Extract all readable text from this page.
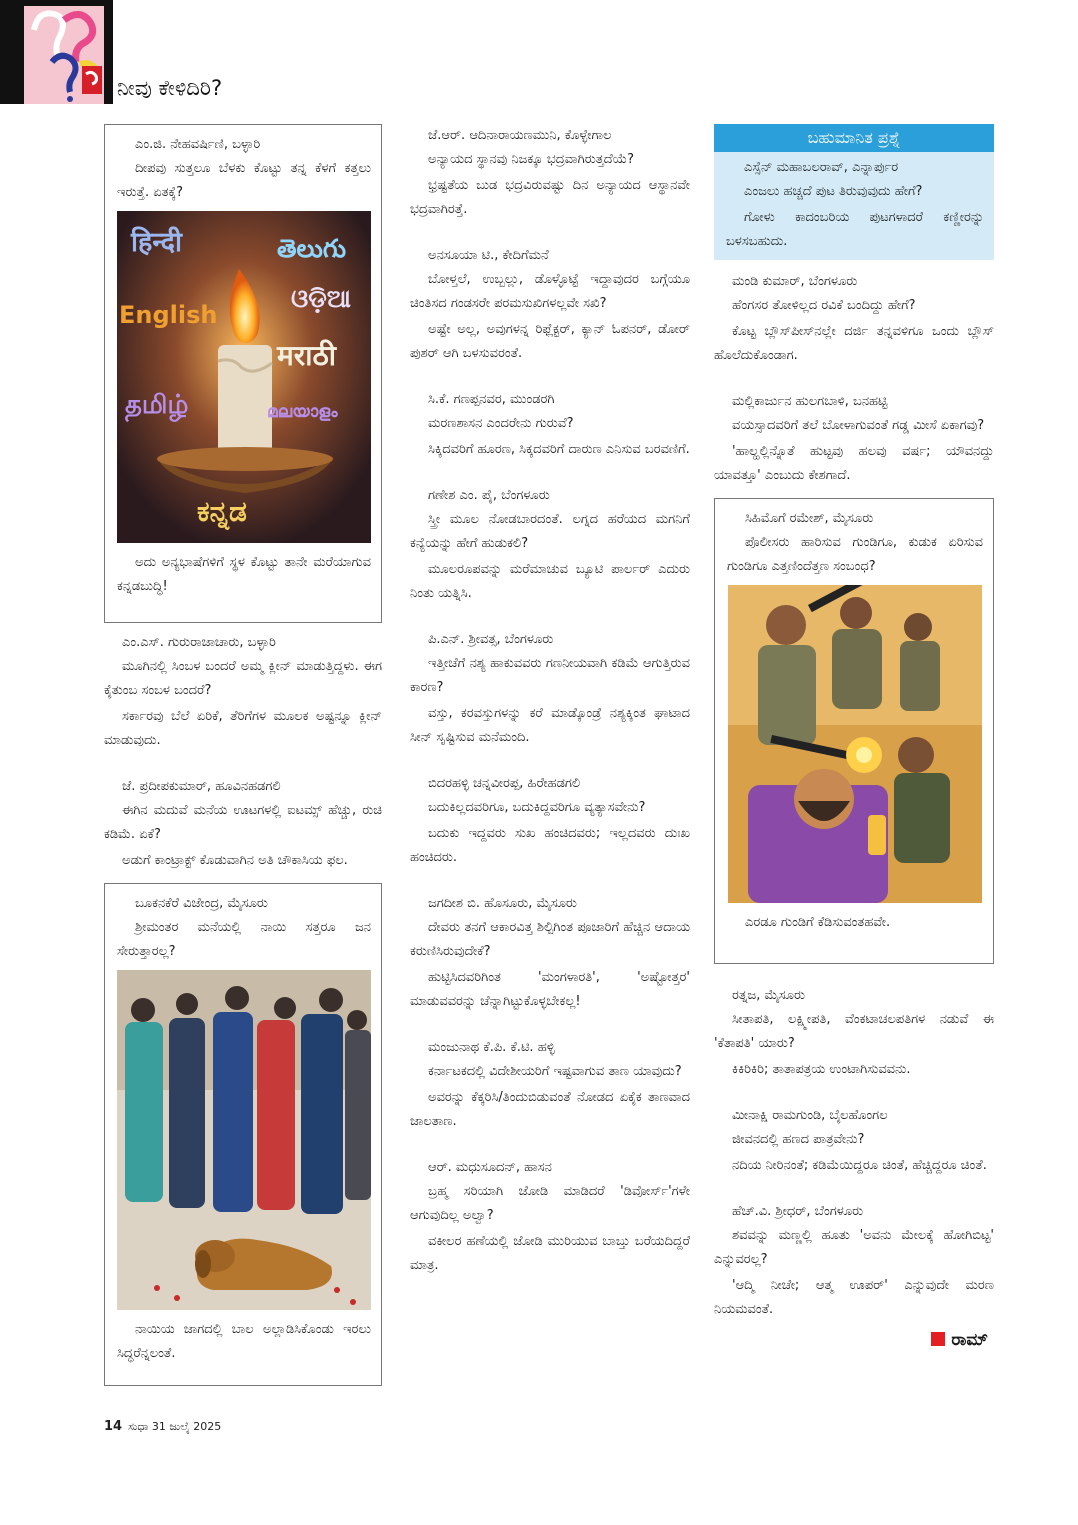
ನೀವು ಕೇಳಿದಿರಿ?
ಎಂ.ಜಿ. ನೇಹವರ್ಷಿಣಿ, ಬಳ್ಳಾರಿ
ದೀಪವು ಸುತ್ತಲೂ ಬೆಳಕು ಕೊಟ್ಟು ತನ್ನ ಕೆಳಗೆ ಕತ್ತಲು ಇರುತ್ತೆ. ಏತಕ್ಕೆ?
हिन्दी	తెలుగు
English
ଓଡ଼ିଆ
मराठी
தமிழ்	മലയാളം
ಕನ್ನಡ
ಅದು ಅನ್ಯಭಾಷೆಗಳಿಗೆ ಸ್ಥಳ ಕೊಟ್ಟು ತಾನೇ ಮರೆಯಾಗುವ ಕನ್ನಡಬುದ್ಧಿ!
ಎಂ.ಎಸ್. ಗುರುರಾಜಾಚಾರು, ಬಳ್ಳಾರಿ
ಮೂಗಿನಲ್ಲಿ ಸಿಂಬಳ ಬಂದರೆ ಅಮ್ಮ ಕ್ಲೀನ್ ಮಾಡುತ್ತಿದ್ದಳು. ಈಗ ಕೈತುಂಬ ಸಂಬಳ ಬಂದರೆ?
ಸರ್ಕಾರವು ಬೆಲೆ ಏರಿಕೆ, ತೆರಿಗೆಗಳ ಮೂಲಕ ಅಷ್ಟನ್ನೂ ಕ್ಲೀನ್ ಮಾಡುವುದು.
ಜೆ. ಪ್ರದೀಪಕುಮಾರ್, ಹೂವಿನಹಡಗಲಿ
ಈಗಿನ ಮದುವೆ ಮನೆಯ ಊಟಗಳಲ್ಲಿ ಐಟಮ್ಸ್ ಹೆಚ್ಚು, ರುಚಿ ಕಡಿಮೆ. ಏಕೆ?
ಅಡುಗೆ ಕಾಂಟ್ರಾಕ್ಟ್ ಕೊಡುವಾಗಿನ ಅತಿ ಚೌಕಾಸಿಯ ಫಲ.
ಬೂಕನಕೆರೆ ವಿಜೇಂದ್ರ, ಮೈಸೂರು
ಶ್ರೀಮಂತರ ಮನೆಯಲ್ಲಿ ನಾಯಿ ಸತ್ತರೂ ಜನ ಸೇರುತ್ತಾರಲ್ಲ?
ನಾಯಿಯ ಜಾಗದಲ್ಲಿ ಬಾಲ ಅಲ್ಲಾಡಿಸಿಕೊಂಡು ಇರಲು ಸಿದ್ಧರೆನ್ನಲಂತೆ.
ಜೆ.ಆರ್. ಆದಿನಾರಾಯಣಮುನಿ, ಕೊಳ್ಳೇಗಾಲ
ಅನ್ಯಾಯದ ಸ್ಥಾನವು ನಿಜಕ್ಕೂ ಭದ್ರವಾಗಿರುತ್ತದೆಯೆ?
ಭ್ರಷ್ಟತೆಯ ಬುಡ ಭದ್ರವಿರುವಷ್ಟು ದಿನ ಅನ್ಯಾಯದ ಆಸ್ಥಾನವೇ ಭದ್ರವಾಗಿರತ್ತೆ.
ಅನಸೂಯಾ ಟಿ., ಕೇದಿಗೆಮನೆ
ಬೋಳ್ತಲೆ, ಉಬ್ಬಲ್ಲು, ಡೊಳ್ಳೊಟ್ಟೆ ಇದ್ದಾವುದರ ಬಗ್ಗೆಯೂ ಚಿಂತಿಸದ ಗಂಡಸರೇ ಪರಮಸುಖಿಗಳಲ್ಲವೇ ಸಖಿ?
ಅಷ್ಟೇ ಅಲ್ಲ, ಅವುಗಳನ್ನ ರಿಫ್ಲೆಕ್ಟರ್, ಕ್ಯಾನ್ ಓಪನರ್, ಡೋರ್ ಪುಶರ್ ಆಗಿ ಬಳಸುವರಂತೆ.
ಸಿ.ಕೆ. ಗಣಪ್ಪನವರ, ಮುಂಡರಗಿ
ಮರಣಶಾಸನ ಎಂದರೇನು ಗುರುವೆ?
ಸಿಕ್ಕಿದವರಿಗೆ ಹೂರಣ, ಸಿಕ್ಕದವರಿಗೆ ದಾರುಣ ಎನಿಸುವ ಬರವಣಿಗೆ.
ಗಣೇಶ ಎಂ. ಪೈ, ಬೆಂಗಳೂರು
ಸ್ತ್ರೀ ಮೂಲ ನೋಡಬಾರದಂತೆ. ಲಗ್ನದ ಹರೆಯದ ಮಗನಿಗೆ ಕನ್ಯೆಯನ್ನು ಹೇಗೆ ಹುಡುಕಲಿ?
ಮೂಲರೂಪವನ್ನು ಮರೆಮಾಚುವ ಬ್ಯೂಟಿ ಪಾರ್ಲರ್ ಎದುರು ನಿಂತು ಯತ್ನಿಸಿ.
ಪಿ.ಎನ್. ಶ್ರೀವತ್ಸ, ಬೆಂಗಳೂರು
ಇತ್ತೀಚೆಗೆ ನಶ್ಯ ಹಾಕುವವರು ಗಣನೀಯವಾಗಿ ಕಡಿಮೆ ಆಗುತ್ತಿರುವ ಕಾರಣ?
ವಸ್ತು, ಕರವಸ್ತುಗಳನ್ನು ಕರೆ ಮಾಡ್ಕೊಂಡ್ರೆ ನಶ್ಯಕ್ಕಿಂತ ಘಾಟಾದ ಸೀನ್ ಸೃಷ್ಟಿಸುವ ಮನೆಮಂದಿ.
ಬಿದರಹಳ್ಳಿ ಚನ್ನವೀರಪ್ಪ, ಹಿರೇಹಡಗಲಿ
ಬದುಕಿಲ್ಲದವರಿಗೂ, ಬದುಕಿದ್ದವರಿಗೂ ವ್ಯತ್ಯಾಸವೇನು?
ಬದುಕು ಇದ್ದವರು ಸುಖ ಹಂಚಿದವರು; ಇಲ್ಲದವರು ದುಃಖ ಹಂಚಿದರು.
ಜಗದೀಶ ಬಿ. ಹೊಸೂರು, ಮೈಸೂರು
ದೇವರು ತನಗೆ ಆಕಾರವಿತ್ತ ಶಿಲ್ಪಿಗಿಂತ ಪೂಜಾರಿಗೆ ಹೆಚ್ಚಿನ ಆದಾಯ ಕರುಣಿಸಿರುವುದೇಕೆ?
ಹುಟ್ಟಿಸಿದವರಿಗಿಂತ 'ಮಂಗಳಾರತಿ', 'ಅಷ್ಟೋತ್ತರ' ಮಾಡುವವರನ್ನು ಚೆನ್ನಾಗಿಟ್ಟುಕೊಳ್ಳಬೇಕಲ್ಲ!
ಮಂಜುನಾಥ ಕೆ.ಪಿ. ಕೆ.ಟಿ. ಹಳ್ಳಿ
ಕರ್ನಾಟಕದಲ್ಲಿ ವಿದೇಶೀಯರಿಗೆ ಇಷ್ಟವಾಗುವ ತಾಣ ಯಾವುದು?
ಅವರನ್ನು ಕೆಕ್ಕರಿಸಿ/ತಿಂದುಬಿಡುವಂತೆ ನೋಡದ ಏಕೈಕ ತಾಣವಾದ ಜಾಲತಾಣ.
ಆರ್. ಮಧುಸೂದನ್, ಹಾಸನ
ಬ್ರಹ್ಮ ಸರಿಯಾಗಿ ಜೋಡಿ ಮಾಡಿದರೆ 'ಡಿವೋರ್ಸ್'ಗಳೇ ಆಗುವುದಿಲ್ಲ ಅಲ್ವಾ?
ವಕೀಲರ ಹಣೆಯಲ್ಲಿ ಜೋಡಿ ಮುರಿಯುವ ಬಾಬ್ತು ಬರೆಯದಿದ್ದರೆ ಮಾತ್ರ.
ಬಹುಮಾನಿತ ಪ್ರಶ್ನೆ
ಎಸ್ಸೆನ್ ಮಹಾಬಲರಾವ್, ಎನ್ನಾರ್ಪುರ
ಎಂಜಲು ಹಚ್ಚದೆ ಪುಟ ತಿರುವುವುದು ಹೇಗೆ?
ಗೋಳು ಕಾದಂಬರಿಯ ಪುಟಗಳಾದರೆ ಕಣ್ಣೀರನ್ನು ಬಳಸಬಹುದು.
ಮಂಡಿ ಕುಮಾರ್, ಬೆಂಗಳೂರು
ಹೆಂಗಸರ ತೋಳಿಲ್ಲದ ರವಿಕೆ ಬಂದಿದ್ದು ಹೇಗೆ?
ಕೊಟ್ಟ ಬ್ಲೌಸ್‌ಪೀಸ್‌ನಲ್ಲೇ ದರ್ಜಿ ತನ್ನವಳಿಗೂ ಒಂದು ಬ್ಲೌಸ್ ಹೊಲೆದುಕೊಂಡಾಗ.
ಮಲ್ಲಿಕಾರ್ಜುನ ಹುಲಗಬಾಳಿ, ಬನಹಟ್ಟಿ
ವಯಸ್ಸಾದವರಿಗೆ ತಲೆ ಬೋಳಾಗುವಂತೆ ಗಡ್ಡ ಮೀಸೆ ಏಕಾಗವು?
'ಹಾಲ್ಹಲ್ಲಿನ್ನೊತೆ ಹುಟ್ಟವು ಹಲವು ವರ್ಷ; ಯೌವನದ್ದು ಯಾವತ್ತೂ' ಎಂಬುದು ಕೇಶಗಾದೆ.
ಸಿಹಿಮೊಗೆ ರಮೇಶ್, ಮೈಸೂರು
ಪೊಲೀಸರು ಹಾರಿಸುವ ಗುಂಡಿಗೂ, ಕುಡುಕ ಏರಿಸುವ ಗುಂಡಿಗೂ ಎತ್ತಣಿಂದೆತ್ತಣ ಸಂಬಂಧ?
ಎರಡೂ ಗುಂಡಿಗೆ ಕೆಡಿಸುವಂತಹವೇ.
ರತ್ನಜ, ಮೈಸೂರು
ಸೀತಾಪತಿ, ಲಕ್ಷ್ಮೀಪತಿ, ವೆಂಕಟಾಚಲಪತಿಗಳ ನಡುವೆ ಈ 'ಕೆತಾಪತಿ' ಯಾರು?
ಕಿಕಿರಿಕಿರಿ; ತಾತಾಪತ್ರಯ ಉಂಟಾಗಿಸುವವನು.
ಮೀನಾಕ್ಷಿ ರಾಮಗುಂಡಿ, ಬೈಲಹೊಂಗಲ
ಜೀವನದಲ್ಲಿ ಹಣದ ಪಾತ್ರವೇನು?
ನದಿಯ ನೀರಿನಂತೆ; ಕಡಿಮೆಯಿದ್ದರೂ ಚಿಂತೆ, ಹೆಚ್ಚಿದ್ದರೂ ಚಿಂತೆ.
ಹೆಚ್.ವಿ. ಶ್ರೀಧರ್, ಬೆಂಗಳೂರು
ಶವವನ್ನು ಮಣ್ಣಲ್ಲಿ ಹೂತು 'ಅವನು ಮೇಲಕ್ಕೆ ಹೋಗಿಬಿಟ್ಟ' ಎನ್ನುವರಲ್ಲ?
'ಆದ್ಮಿ ನೀಚೇ; ಆತ್ಮ ಊಪರ್' ಎನ್ನುವುದೇ ಮರಣ ನಿಯಮವಂತೆ.
ರಾಮ್
14 ಸುಧಾ 31 ಜುಲೈ 2025
